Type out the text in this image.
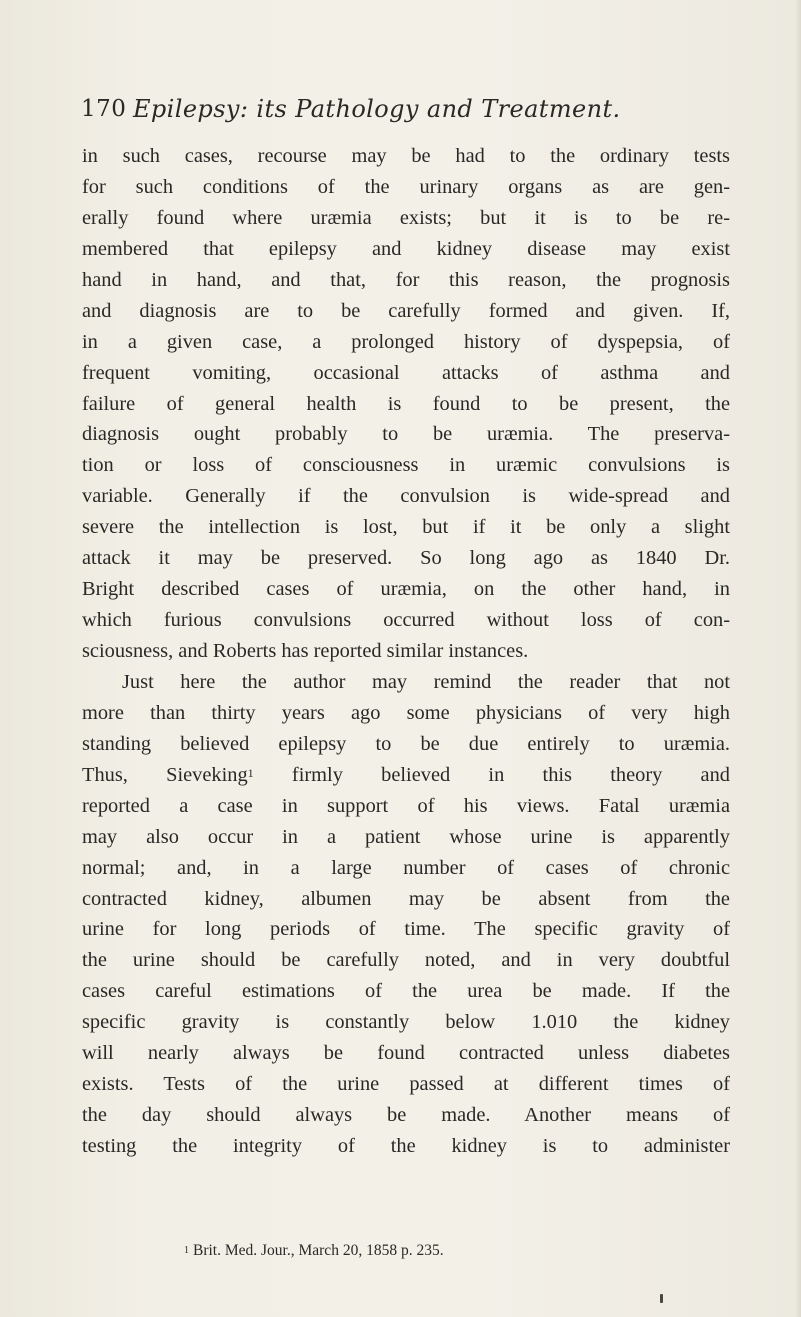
170 Epilepsy: its Pathology and Treatment.
in such cases, recourse may be had to the ordinary tests
for such conditions of the urinary organs as are gen-
erally found where uræmia exists; but it is to be re-
membered that epilepsy and kidney disease may exist
hand in hand, and that, for this reason, the prognosis
and diagnosis are to be carefully formed and given. If,
in a given case, a prolonged history of dyspepsia, of
frequent vomiting, occasional attacks of asthma and
failure of general health is found to be present, the
diagnosis ought probably to be uræmia. The preserva-
tion or loss of consciousness in uræmic convulsions is
variable. Generally if the convulsion is wide-spread and
severe the intellection is lost, but if it be only a slight
attack it may be preserved. So long ago as 1840 Dr.
Bright described cases of uræmia, on the other hand, in
which furious convulsions occurred without loss of con-
sciousness, and Roberts has reported similar instances.
Just here the author may remind the reader that not
more than thirty years ago some physicians of very high
standing believed epilepsy to be due entirely to uræmia.
Thus, Sieveking$^1$ firmly believed in this theory and
reported a case in support of his views. Fatal uræmia
may also occur in a patient whose urine is apparently
normal; and, in a large number of cases of chronic
contracted kidney, albumen may be absent from the
urine for long periods of time. The specific gravity of
the urine should be carefully noted, and in very doubtful
cases careful estimations of the urea be made. If the
specific gravity is constantly below 1.010 the kidney
will nearly always be found contracted unless diabetes
exists. Tests of the urine passed at different times of
the day should always be made. Another means of
testing the integrity of the kidney is to administer
$^1$ Brit. Med. Jour., March 20, 1858 p. 235.
